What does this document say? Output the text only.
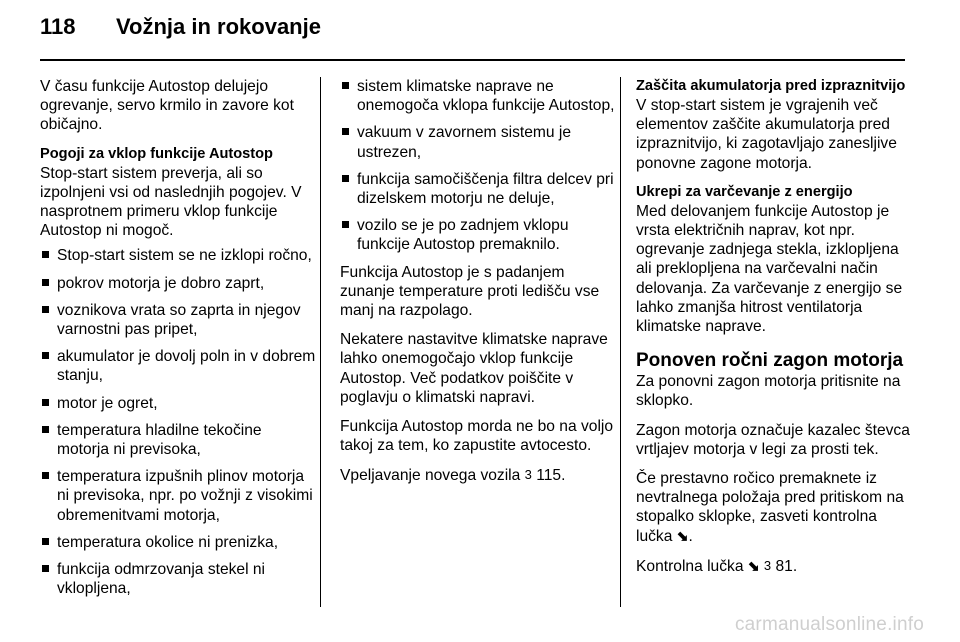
118 Vožnja in rokovanje

V času funkcije Autostop delujejo ogrevanje, servo krmilo in zavore kot običajno.

Pogoji za vklop funkcije Autostop

Stop-start sistem preverja, ali so izpolnjeni vsi od naslednjih pogojev. V nasprotnem primeru vklop funkcije Autostop ni mogoč.

Stop-start sistem se ne izklopi ročno,
pokrov motorja je dobro zaprt,
voznikova vrata so zaprta in njegov varnostni pas pripet,
akumulator je dovolj poln in v dobrem stanju,
motor je ogret,
temperatura hladilne tekočine motorja ni previsoka,
temperatura izpušnih plinov motorja ni previsoka, npr. po vožnji z visokimi obremenitvami motorja,
temperatura okolice ni prenizka,
funkcija odmrzovanja stekel ni vklopljena,
sistem klimatske naprave ne onemogoča vklopa funkcije Autostop,
vakuum v zavornem sistemu je ustrezen,
funkcija samočiščenja filtra delcev pri dizelskem motorju ne deluje,
vozilo se je po zadnjem vklopu funkcije Autostop premaknilo.

Funkcija Autostop je s padanjem zunanje temperature proti ledišču vse manj na razpolago.

Nekatere nastavitve klimatske naprave lahko onemogočajo vklop funkcije Autostop. Več podatkov poiščite v poglavju o klimatski napravi.

Funkcija Autostop morda ne bo na voljo takoj za tem, ko zapustite avtocesto.

Vpeljavanje novega vozila 3 115.

Zaščita akumulatorja pred izpraznitvijo

V stop-start sistem je vgrajenih več elementov zaščite akumulatorja pred izpraznitvijo, ki zagotavljajo zanesljive ponovne zagone motorja.

Ukrepi za varčevanje z energijo

Med delovanjem funkcije Autostop je vrsta električnih naprav, kot npr. ogrevanje zadnjega stekla, izklopljena ali preklopljena na varčevalni način delovanja. Za varčevanje z energijo se lahko zmanjša hitrost ventilatorja klimatske naprave.

Ponoven ročni zagon motorja

Za ponovni zagon motorja pritisnite na sklopko.

Zagon motorja označuje kazalec števca vrtljajev motorja v legi za prosti tek.

Če prestavno ročico premaknete iz nevtralnega položaja pred pritiskom na stopalko sklopke, zasveti kontrolna lučka ⬊.

Kontrolna lučka ⬊ 3 81.

carmanualsonline.info
